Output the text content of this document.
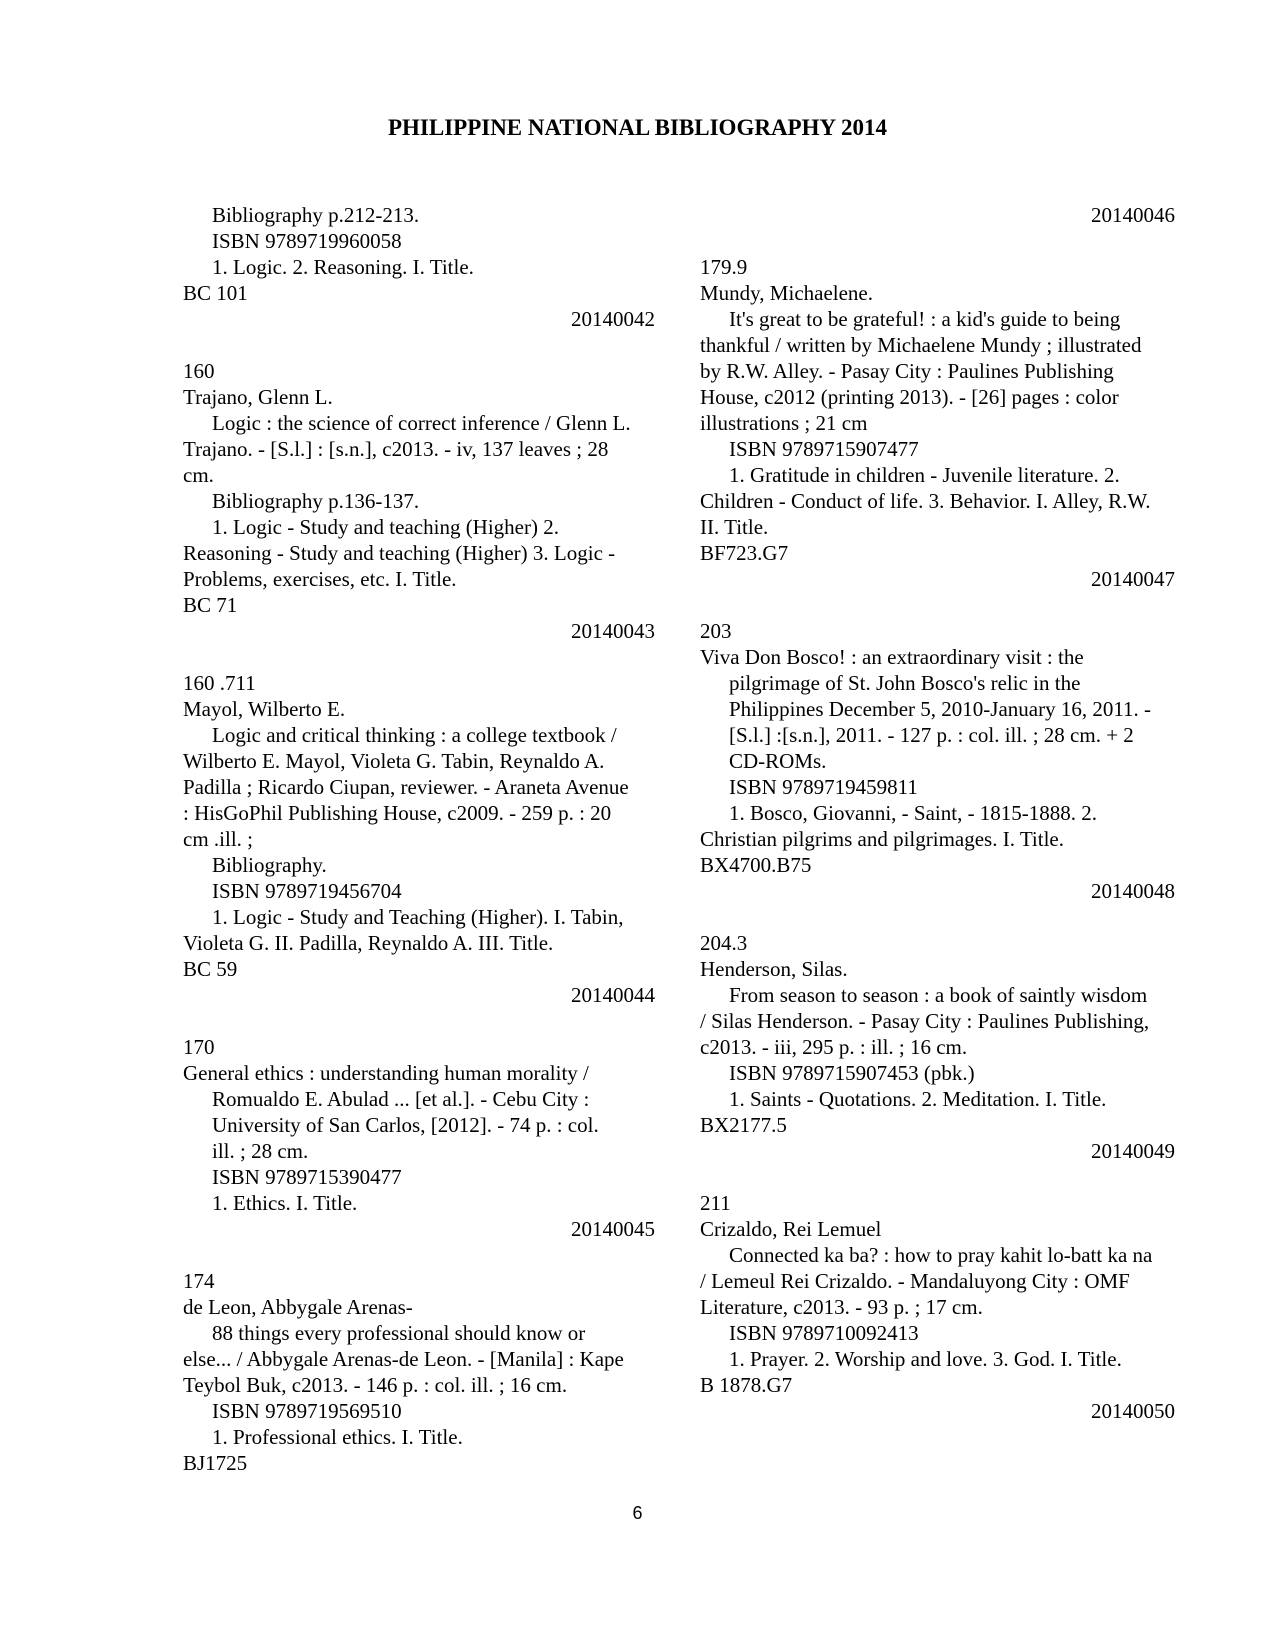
PHILIPPINE NATIONAL BIBLIOGRAPHY 2014
Bibliography p.212-213.
ISBN 9789719960058
1. Logic. 2. Reasoning. I. Title.
BC 101
20140042
160
Trajano, Glenn L.
Logic : the science of correct inference / Glenn L.
Trajano. - [S.l.] : [s.n.], c2013. - iv, 137 leaves ; 28
cm.
Bibliography p.136-137.
1. Logic - Study and teaching (Higher) 2.
Reasoning - Study and teaching (Higher) 3. Logic -
Problems, exercises, etc. I. Title.
BC 71
20140043
160 .711
Mayol, Wilberto E.
Logic and critical thinking : a college textbook /
Wilberto E. Mayol, Violeta G. Tabin, Reynaldo A.
Padilla ; Ricardo Ciupan, reviewer. - Araneta Avenue
: HisGoPhil Publishing House, c2009. - 259 p. : 20
cm .ill. ;
Bibliography.
ISBN 9789719456704
1. Logic - Study and Teaching (Higher). I. Tabin,
Violeta G. II. Padilla, Reynaldo A. III. Title.
BC 59
20140044
170
General ethics : understanding human morality /
Romualdo E. Abulad ... [et al.]. - Cebu City :
University of San Carlos, [2012]. - 74 p. : col.
ill. ; 28 cm.
ISBN 9789715390477
1. Ethics. I. Title.
20140045
174
de Leon, Abbygale Arenas-
88 things every professional should know or
else... / Abbygale Arenas-de Leon. - [Manila] : Kape
Teybol Buk, c2013. - 146 p. : col. ill. ; 16 cm.
ISBN 9789719569510
1. Professional ethics. I. Title.
BJ1725
20140046
179.9
Mundy, Michaelene.
It's great to be grateful! : a kid's guide to being
thankful / written by Michaelene Mundy ; illustrated
by R.W. Alley. - Pasay City : Paulines Publishing
House, c2012 (printing 2013). - [26] pages : color
illustrations ; 21 cm
ISBN 9789715907477
1. Gratitude in children - Juvenile literature. 2.
Children - Conduct of life. 3. Behavior. I. Alley, R.W.
II. Title.
BF723.G7
20140047
203
Viva Don Bosco! : an extraordinary visit : the
pilgrimage of St. John Bosco's relic in the
Philippines December 5, 2010-January 16, 2011. -
[S.l.] :[s.n.], 2011. - 127 p. : col. ill. ; 28 cm. + 2
CD-ROMs.
ISBN 9789719459811
1. Bosco, Giovanni, - Saint, - 1815-1888. 2.
Christian pilgrims and pilgrimages. I. Title.
BX4700.B75
20140048
204.3
Henderson, Silas.
From season to season : a book of saintly wisdom
/ Silas Henderson. - Pasay City : Paulines Publishing,
c2013. - iii, 295 p. : ill. ; 16 cm.
ISBN 9789715907453 (pbk.)
1. Saints - Quotations. 2. Meditation. I. Title.
BX2177.5
20140049
211
Crizaldo, Rei Lemuel
Connected ka ba? : how to pray kahit lo-batt ka na
/ Lemeul Rei Crizaldo. - Mandaluyong City : OMF
Literature, c2013. - 93 p. ; 17 cm.
ISBN 9789710092413
1. Prayer. 2. Worship and love. 3. God. I. Title.
B 1878.G7
20140050
6
